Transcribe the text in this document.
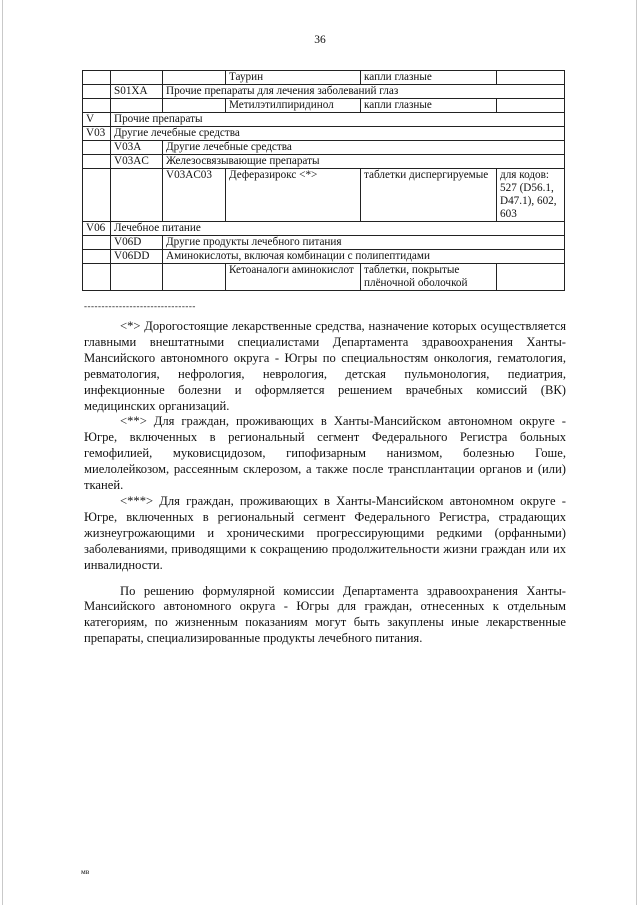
36
			Таурин	капли глазные	
	S01XA	Прочие препараты для лечения заболеваний глаз			
			Метилэтилпиридинол	капли глазные	
V	Прочие препараты				
V03	Другие лечебные средства				
	V03A	Другие лечебные средства			
	V03AC	Железосвязывающие препараты			
		V03AC03	Деферазирокс <*>	таблетки диспергируемые	для кодов: 527 (D56.1, D47.1), 602, 603
V06	Лечебное питание				
	V06D	Другие продукты лечебного питания			
	V06DD	Аминокислоты, включая комбинации с полипептидами			
			Кетоаналоги аминокислот	таблетки, покрытые плёночной оболочкой	
--------------------------------

<*> Дорогостоящие лекарственные средства, назначение которых осуществляется главными внештатными специалистами Департамента здравоохранения Ханты-Мансийского автономного округа - Югры по специальностям онкология, гематология, ревматология, нефрология, неврология, детская пульмонология, педиатрия, инфекционные болезни и оформляется решением врачебных комиссий (ВК) медицинских организаций.

<**> Для граждан, проживающих в Ханты-Мансийском автономном округе - Югре, включенных в региональный сегмент Федерального Регистра больных гемофилией, муковисцидозом, гипофизарным нанизмом, болезнью Гоше, миелолейкозом, рассеянным склерозом, а также после трансплантации органов и (или) тканей.

<***> Для граждан, проживающих в Ханты-Мансийском автономном округе - Югре, включенных в региональный сегмент Федерального Регистра, страдающих жизнеугрожающими и хроническими прогрессирующими редкими (орфанными) заболеваниями, приводящими к сокращению продолжительности жизни граждан или их инвалидности.

По решению формулярной комиссии Департамента здравоохранения Ханты-Мансийского автономного округа - Югры для граждан, отнесенных к отдельным категориям, по жизненным показаниям могут быть закуплены иные лекарственные препараты, специализированные продукты лечебного питания.

мв
